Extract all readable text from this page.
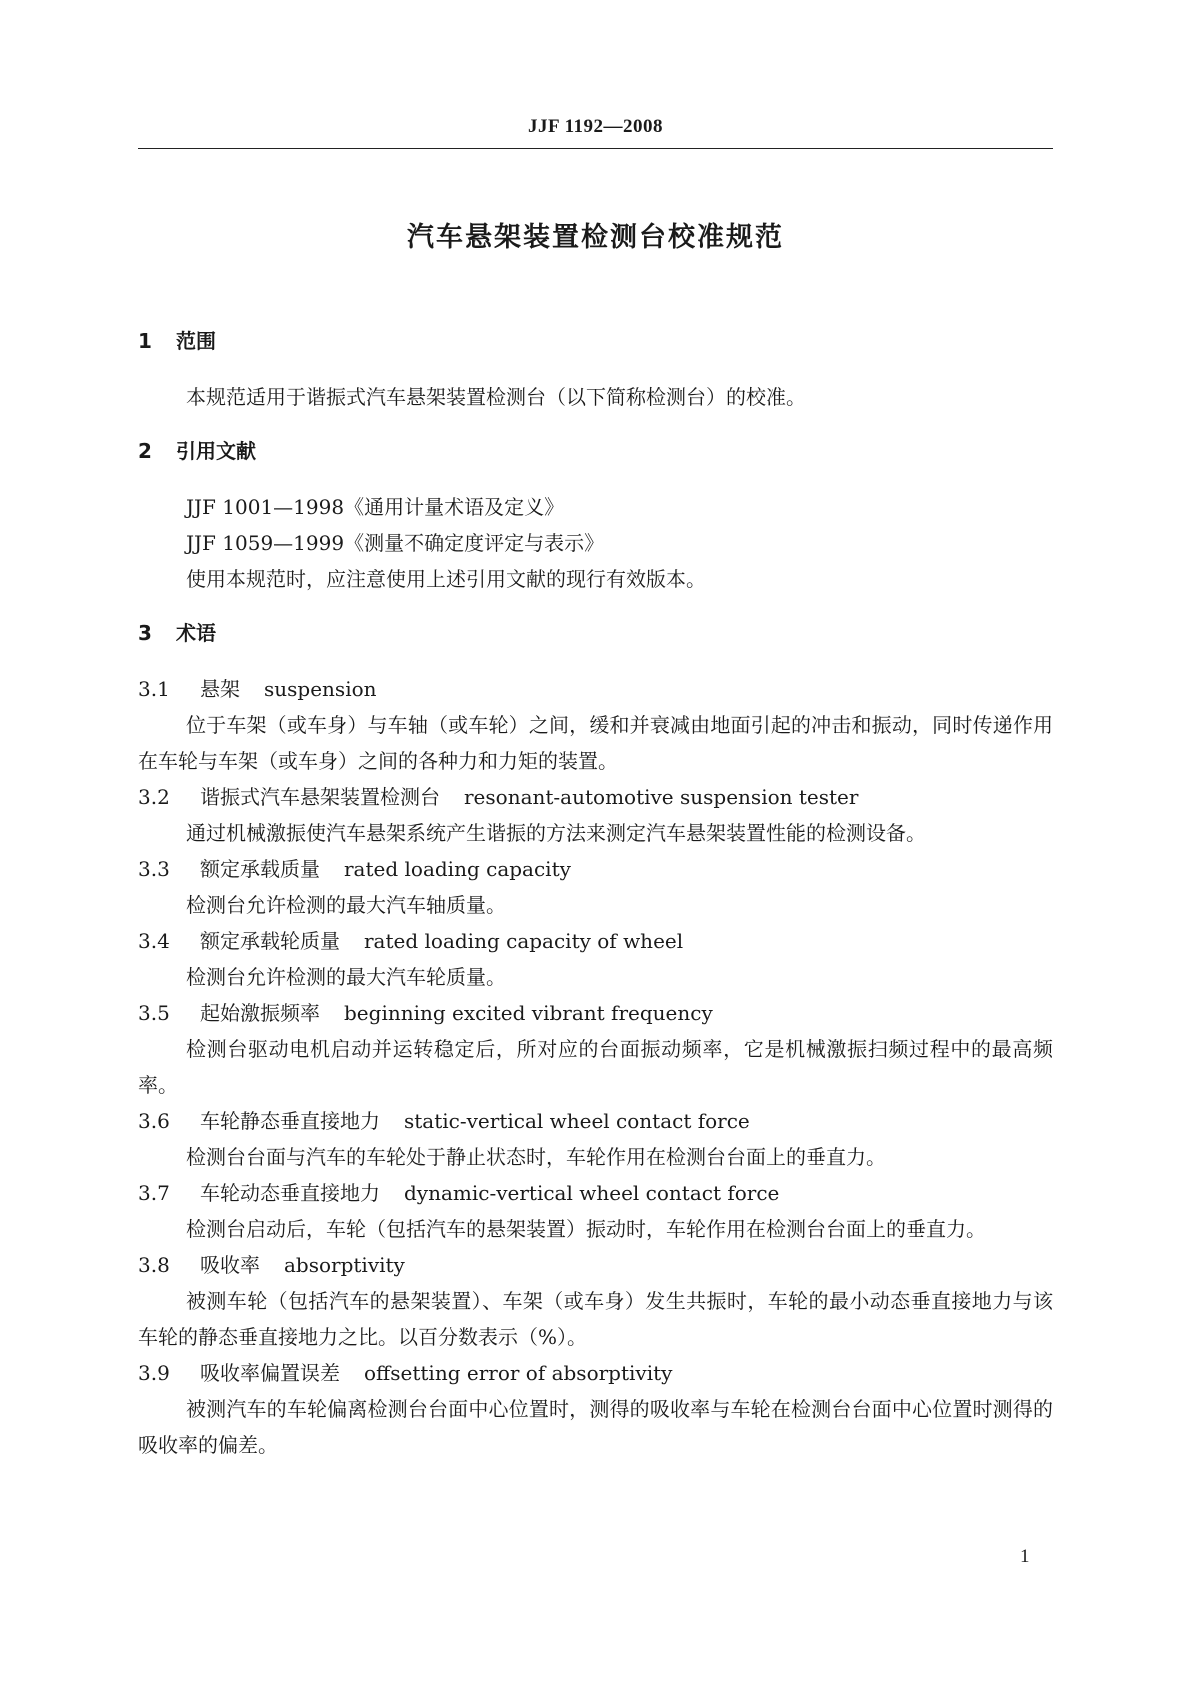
JJF 1192—2008
汽车悬架装置检测台校准规范
1 范围

本规范适用于谐振式汽车悬架装置检测台（以下简称检测台）的校准。

2 引用文献

JJF 1001—1998《通用计量术语及定义》

JJF 1059—1999《测量不确定度评定与表示》

使用本规范时，应注意使用上述引用文献的现行有效版本。

3 术语

3.1 悬架 suspension

位于车架（或车身）与车轴（或车轮）之间，缓和并衰减由地面引起的冲击和振动，同时传递作用在车轮与车架（或车身）之间的各种力和力矩的装置。

3.2 谐振式汽车悬架装置检测台 resonant-automotive suspension tester

通过机械激振使汽车悬架系统产生谐振的方法来测定汽车悬架装置性能的检测设备。

3.3 额定承载质量 rated loading capacity

检测台允许检测的最大汽车轴质量。

3.4 额定承载轮质量 rated loading capacity of wheel

检测台允许检测的最大汽车轮质量。

3.5 起始激振频率 beginning excited vibrant frequency

检测台驱动电机启动并运转稳定后，所对应的台面振动频率，它是机械激振扫频过程中的最高频率。

3.6 车轮静态垂直接地力 static-vertical wheel contact force

检测台台面与汽车的车轮处于静止状态时，车轮作用在检测台台面上的垂直力。

3.7 车轮动态垂直接地力 dynamic-vertical wheel contact force

检测台启动后，车轮（包括汽车的悬架装置）振动时，车轮作用在检测台台面上的垂直力。

3.8 吸收率 absorptivity

被测车轮（包括汽车的悬架装置）、车架（或车身）发生共振时，车轮的最小动态垂直接地力与该车轮的静态垂直接地力之比。以百分数表示（%）。

3.9 吸收率偏置误差 offsetting error of absorptivity

被测汽车的车轮偏离检测台台面中心位置时，测得的吸收率与车轮在检测台台面中心位置时测得的吸收率的偏差。

1
